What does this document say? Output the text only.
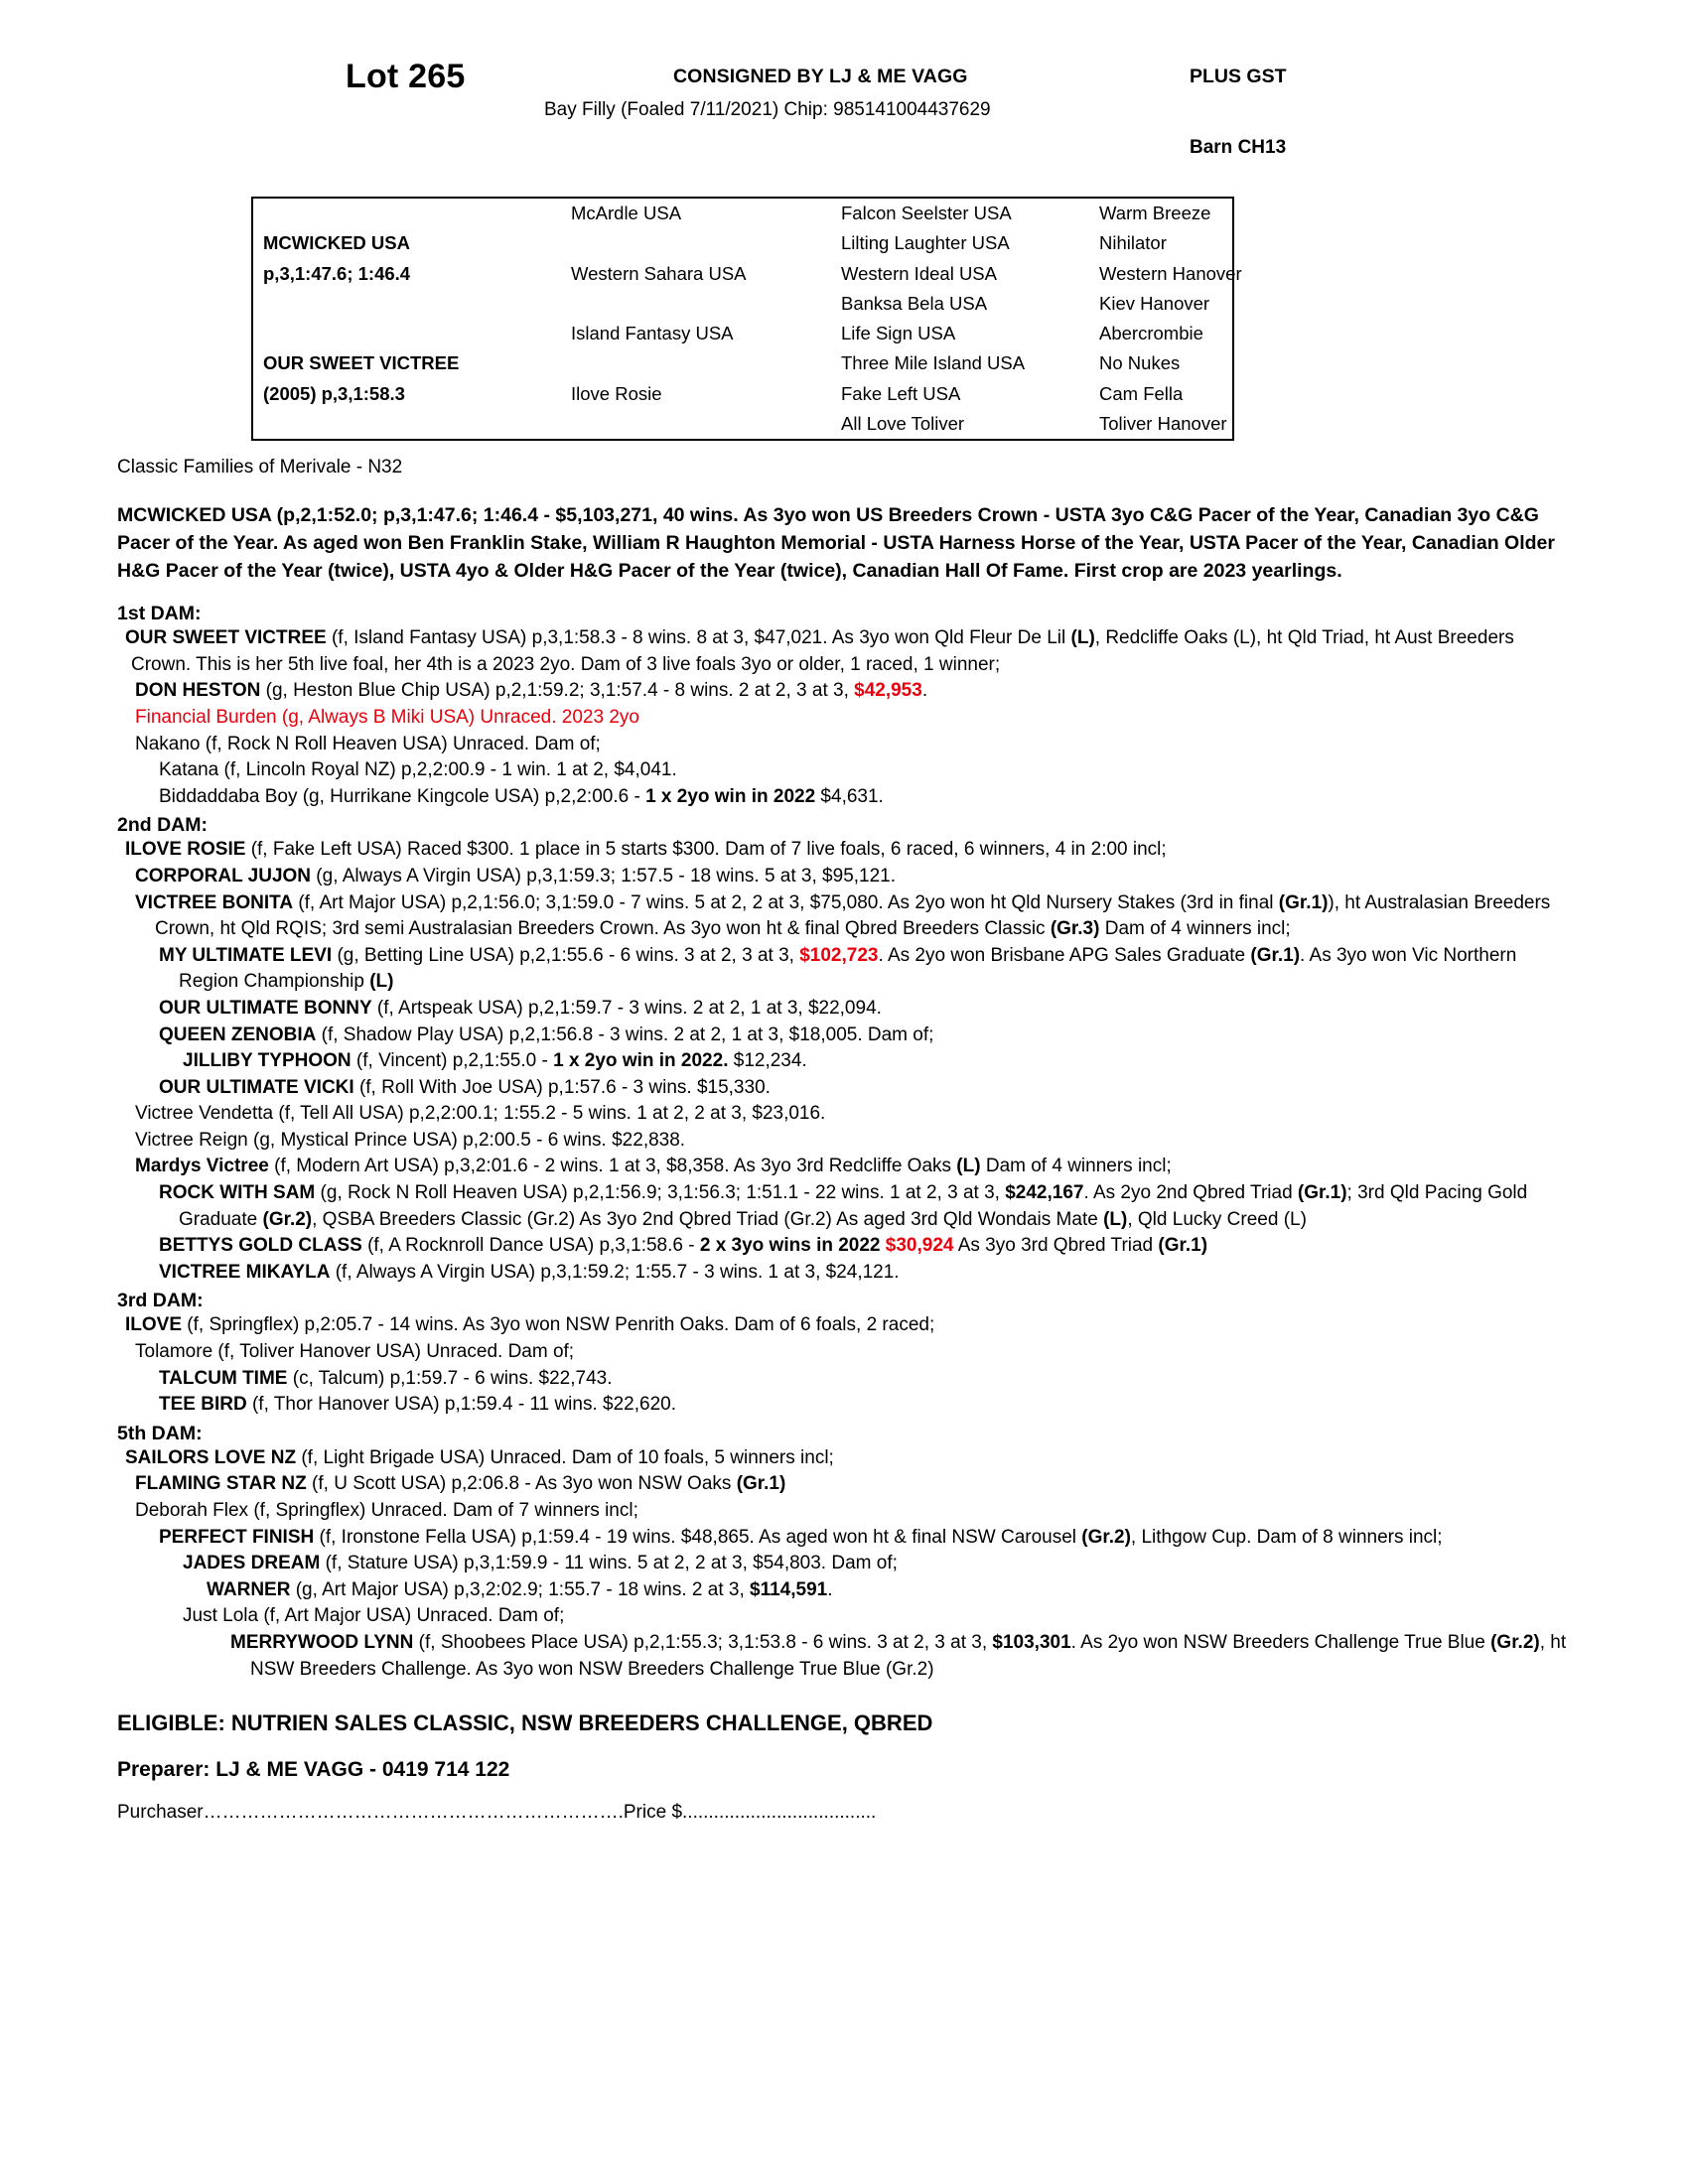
Lot 265	CONSIGNED BY LJ & ME VAGG	PLUS GST
Bay Filly (Foaled 7/11/2021) Chip: 985141004437629
Barn CH13
	McArdle USA	Falcon Seelster USA	Warm Breeze
MCWICKED USA		Lilting Laughter USA	Nihilator
p,3,1:47.6; 1:46.4	Western Sahara USA	Western Ideal USA	Western Hanover
		Banksa Bela USA	Kiev Hanover
	Island Fantasy USA	Life Sign USA	Abercrombie
OUR SWEET VICTREE		Three Mile Island USA	No Nukes
(2005) p,3,1:58.3	Ilove Rosie	Fake Left USA	Cam Fella
		All Love Toliver	Toliver Hanover
Classic Families of Merivale - N32
MCWICKED USA (p,2,1:52.0; p,3,1:47.6; 1:46.4 - $5,103,271, 40 wins. As 3yo won US Breeders Crown - USTA 3yo C&G Pacer of the Year, Canadian 3yo C&G Pacer of the Year. As aged won Ben Franklin Stake, William R Haughton Memorial - USTA Harness Horse of the Year, USTA Pacer of the Year, Canadian Older H&G Pacer of the Year (twice), USTA 4yo & Older H&G Pacer of the Year (twice), Canadian Hall Of Fame. First crop are 2023 yearlings.
1st DAM:

OUR SWEET VICTREE (f, Island Fantasy USA) p,3,1:58.3 - 8 wins. 8 at 3, $47,021. As 3yo won Qld Fleur De Lil (L), Redcliffe Oaks (L), ht Qld Triad, ht Aust Breeders Crown. This is her 5th live foal, her 4th is a 2023 2yo. Dam of 3 live foals 3yo or older, 1 raced, 1 winner;

DON HESTON (g, Heston Blue Chip USA) p,2,1:59.2; 3,1:57.4 - 8 wins. 2 at 2, 3 at 3, $42,953.

Financial Burden (g, Always B Miki USA) Unraced. 2023 2yo

Nakano (f, Rock N Roll Heaven USA) Unraced. Dam of;

Katana (f, Lincoln Royal NZ) p,2,2:00.9 - 1 win. 1 at 2, $4,041.

Biddaddaba Boy (g, Hurrikane Kingcole USA) p,2,2:00.6 - 1 x 2yo win in 2022 $4,631.

2nd DAM:

ILOVE ROSIE (f, Fake Left USA) Raced $300. 1 place in 5 starts $300. Dam of 7 live foals, 6 raced, 6 winners, 4 in 2:00 incl;

CORPORAL JUJON (g, Always A Virgin USA) p,3,1:59.3; 1:57.5 - 18 wins. 5 at 3, $95,121.

VICTREE BONITA (f, Art Major USA) p,2,1:56.0; 3,1:59.0 - 7 wins. 5 at 2, 2 at 3, $75,080. As 2yo won ht Qld Nursery Stakes (3rd in final (Gr.1)), ht Australasian Breeders Crown, ht Qld RQIS; 3rd semi Australasian Breeders Crown. As 3yo won ht & final Qbred Breeders Classic (Gr.3) Dam of 4 winners incl;

MY ULTIMATE LEVI (g, Betting Line USA) p,2,1:55.6 - 6 wins. 3 at 2, 3 at 3, $102,723. As 2yo won Brisbane APG Sales Graduate (Gr.1). As 3yo won Vic Northern Region Championship (L)

OUR ULTIMATE BONNY (f, Artspeak USA) p,2,1:59.7 - 3 wins. 2 at 2, 1 at 3, $22,094.

QUEEN ZENOBIA (f, Shadow Play USA) p,2,1:56.8 - 3 wins. 2 at 2, 1 at 3, $18,005. Dam of;

JILLIBY TYPHOON (f, Vincent) p,2,1:55.0 - 1 x 2yo win in 2022. $12,234.

OUR ULTIMATE VICKI (f, Roll With Joe USA) p,1:57.6 - 3 wins. $15,330.

Victree Vendetta (f, Tell All USA) p,2,2:00.1; 1:55.2 - 5 wins. 1 at 2, 2 at 3, $23,016.

Victree Reign (g, Mystical Prince USA) p,2:00.5 - 6 wins. $22,838.

Mardys Victree (f, Modern Art USA) p,3,2:01.6 - 2 wins. 1 at 3, $8,358. As 3yo 3rd Redcliffe Oaks (L) Dam of 4 winners incl;

ROCK WITH SAM (g, Rock N Roll Heaven USA) p,2,1:56.9; 3,1:56.3; 1:51.1 - 22 wins. 1 at 2, 3 at 3, $242,167. As 2yo 2nd Qbred Triad (Gr.1); 3rd Qld Pacing Gold Graduate (Gr.2), QSBA Breeders Classic (Gr.2) As 3yo 2nd Qbred Triad (Gr.2) As aged 3rd Qld Wondais Mate (L), Qld Lucky Creed (L)

BETTYS GOLD CLASS (f, A Rocknroll Dance USA) p,3,1:58.6 - 2 x 3yo wins in 2022 $30,924 As 3yo 3rd Qbred Triad (Gr.1)

VICTREE MIKAYLA (f, Always A Virgin USA) p,3,1:59.2; 1:55.7 - 3 wins. 1 at 3, $24,121.

3rd DAM:

ILOVE (f, Springflex) p,2:05.7 - 14 wins. As 3yo won NSW Penrith Oaks. Dam of 6 foals, 2 raced;

Tolamore (f, Toliver Hanover USA) Unraced. Dam of;

TALCUM TIME (c, Talcum) p,1:59.7 - 6 wins. $22,743.

TEE BIRD (f, Thor Hanover USA) p,1:59.4 - 11 wins. $22,620.

5th DAM:

SAILORS LOVE NZ (f, Light Brigade USA) Unraced. Dam of 10 foals, 5 winners incl;

FLAMING STAR NZ (f, U Scott USA) p,2:06.8 - As 3yo won NSW Oaks (Gr.1)

Deborah Flex (f, Springflex) Unraced. Dam of 7 winners incl;

PERFECT FINISH (f, Ironstone Fella USA) p,1:59.4 - 19 wins. $48,865. As aged won ht & final NSW Carousel (Gr.2), Lithgow Cup. Dam of 8 winners incl;

JADES DREAM (f, Stature USA) p,3,1:59.9 - 11 wins. 5 at 2, 2 at 3, $54,803. Dam of;

WARNER (g, Art Major USA) p,3,2:02.9; 1:55.7 - 18 wins. 2 at 3, $114,591.

Just Lola (f, Art Major USA) Unraced. Dam of;

MERRYWOOD LYNN (f, Shoobees Place USA) p,2,1:55.3; 3,1:53.8 - 6 wins. 3 at 2, 3 at 3, $103,301. As 2yo won NSW Breeders Challenge True Blue (Gr.2), ht NSW Breeders Challenge. As 3yo won NSW Breeders Challenge True Blue (Gr.2)

ELIGIBLE: NUTRIEN SALES CLASSIC, NSW BREEDERS CHALLENGE, QBRED
Preparer: LJ & ME VAGG - 0419 714 122
Purchaser………………………………………………………….Price $.....................................
